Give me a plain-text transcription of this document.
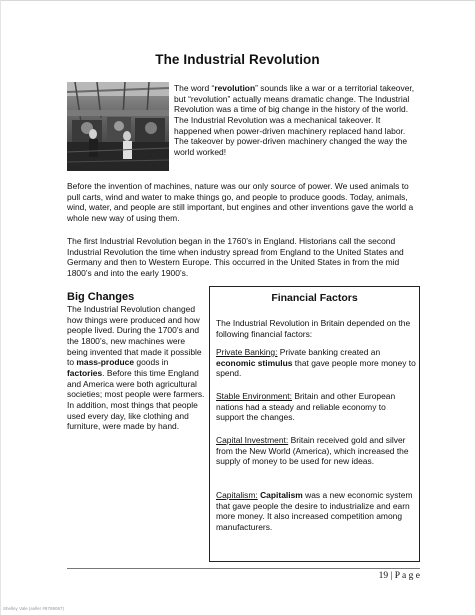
The Industrial Revolution
The word “revolution” sounds like a war or a territorial takeover, but “revolution” actually means dramatic change. The Industrial Revolution was a time of big change in the history of the world. The Industrial Revolution was a mechanical takeover. It happened when power-driven machinery replaced hand labor. The takeover by power-driven machinery changed the way the world worked!
Before the invention of machines, nature was our only source of power. We used animals to pull carts, wind and water to make things go, and people to produce goods. Today, animals, wind, water, and people are still important, but engines and other inventions gave the world a whole new way of using them.
The first Industrial Revolution began in the 1760’s in England. Historians call the second Industrial Revolution the time when industry spread from England to the United States and Germany and then to Western Europe. This occurred in the United States in from the mid 1800’s and into the early 1900’s.
Big Changes
The Industrial Revolution changed how things were produced and how people lived. During the 1700’s and the 1800’s, new machines were being invented that made it possible to mass-produce goods in factories. Before this time England and America were both agricultural societies; most people were farmers. In addition, most things that people used every day, like clothing and furniture, were made by hand.
Financial Factors
The Industrial Revolution in Britain depended on the following financial factors:
Private Banking: Private banking created an economic stimulus that gave people more money to spend.
Stable Environment: Britain and other European nations had a steady and reliable economy to support the changes.
Capital Investment: Britain received gold and silver from the New World (America), which increased the supply of money to be used for new ideas.
Capitalism: Capitalism was a new economic system that gave people the desire to industrialize and earn more money. It also increased competition among manufacturers.
19 | P a g e
Shelley Vale (seller #8769067)
